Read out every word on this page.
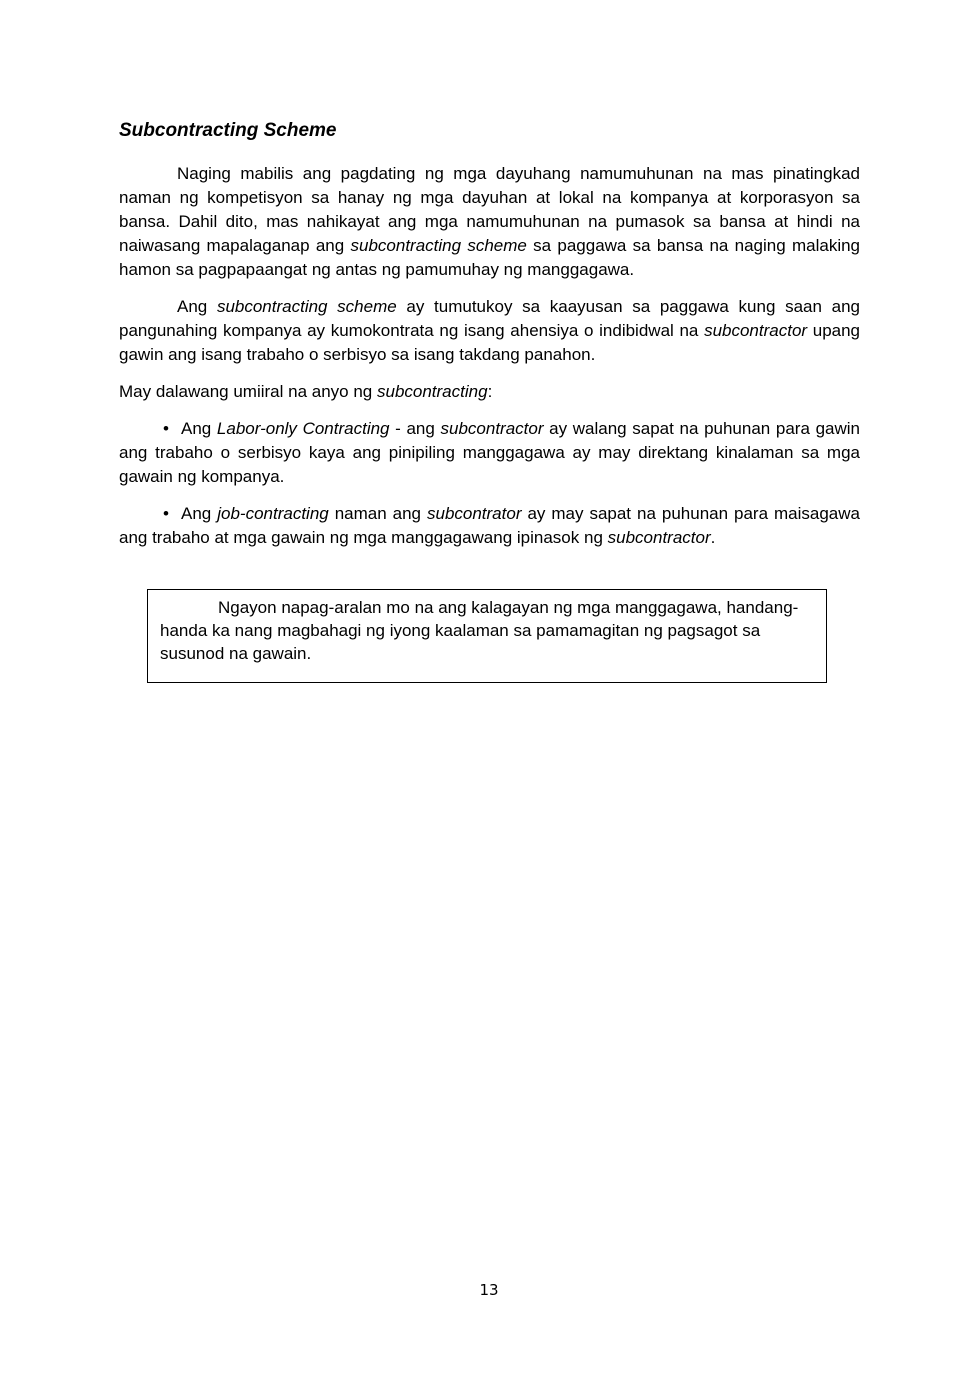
Subcontracting Scheme

Naging mabilis ang pagdating ng mga dayuhang namumuhunan na mas pinatingkad naman ng kompetisyon sa hanay ng mga dayuhan at lokal na kompanya at korporasyon sa bansa. Dahil dito, mas nahikayat ang mga namumuhunan na pumasok sa bansa at hindi na naiwasang mapalaganap ang subcontracting scheme sa paggawa sa bansa na naging malaking hamon sa pagpapaangat ng antas ng pamumuhay ng manggagawa.

Ang subcontracting scheme ay tumutukoy sa kaayusan sa paggawa kung saan ang pangunahing kompanya ay kumokontrata ng isang ahensiya o indibidwal na subcontractor upang gawin ang isang trabaho o serbisyo sa isang takdang panahon.

May dalawang umiiral na anyo ng subcontracting:

• Ang Labor-only Contracting - ang subcontractor ay walang sapat na puhunan para gawin ang trabaho o serbisyo kaya ang pinipiling manggagawa ay may direktang kinalaman sa mga gawain ng kompanya.

• Ang job-contracting naman ang subcontrator ay may sapat na puhunan para maisagawa ang trabaho at mga gawain ng mga manggagawang ipinasok ng subcontractor.

Ngayon napag-aralan mo na ang kalagayan ng mga manggagawa, handang-handa ka nang magbahagi ng iyong kaalaman sa pamamagitan ng pagsagot sa susunod na gawain.

13
